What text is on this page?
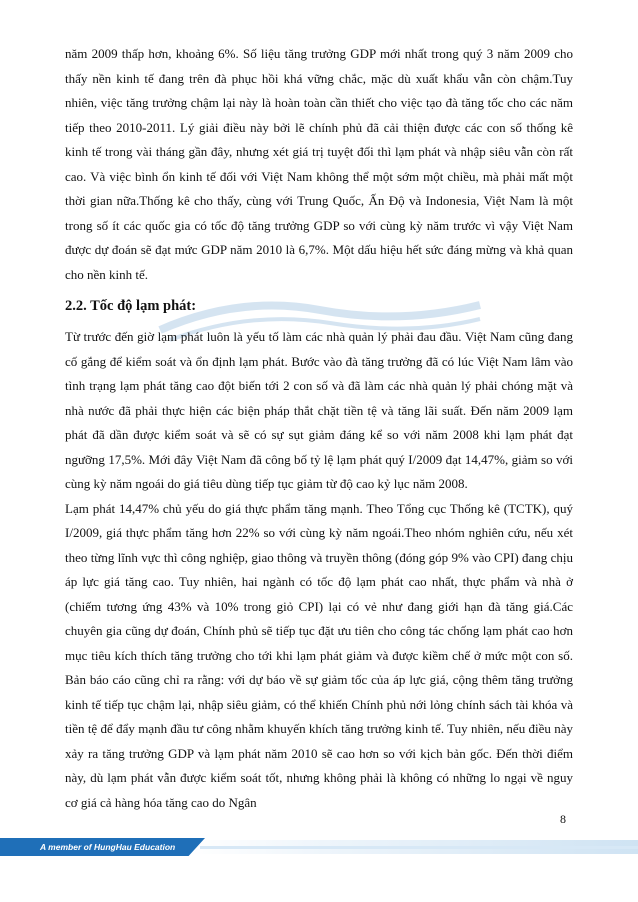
năm 2009 thấp hơn, khoảng 6%. Số liệu tăng trưởng GDP mới nhất trong quý 3 năm 2009 cho thấy nền kinh tế đang trên đà phục hồi khá vững chắc, mặc dù xuất khẩu vẫn còn chậm.Tuy nhiên, việc tăng trưởng chậm lại này là hoàn toàn cần thiết cho việc tạo đà tăng tốc cho các năm tiếp theo 2010-2011. Lý giải điều này bởi lẽ chính phủ đã cải thiện được các con số thống kê kinh tế trong vài tháng gần đây, nhưng xét giá trị tuyệt đối thì lạm phát và nhập siêu vẫn còn rất cao. Và việc bình ổn kinh tế đối với Việt Nam không thể một sớm một chiều, mà phải mất một thời gian nữa.Thống kê cho thấy, cùng với Trung Quốc, Ấn Độ và Indonesia, Việt Nam là một trong số ít các quốc gia có tốc độ tăng trưởng GDP so với cùng kỳ năm trước vì vậy Việt Nam được dự đoán sẽ đạt mức GDP năm 2010 là 6,7%. Một dấu hiệu hết sức đáng mừng và khả quan cho nền kinh tế.

2.2. Tốc độ lạm phát:

Từ trước đến giờ lạm phát luôn là yếu tố làm các nhà quản lý phải đau đầu. Việt Nam cũng đang cố gắng để kiểm soát và ổn định lạm phát. Bước vào đà tăng trưởng đã có lúc Việt Nam lâm vào tình trạng lạm phát tăng cao đột biến tới 2 con số và đã làm các nhà quản lý phải chóng mặt và nhà nước đã phải thực hiện các biện pháp thắt chặt tiền tệ và tăng lãi suất. Đến năm 2009 lạm phát đã dần được kiểm soát và sẽ có sự sụt giảm đáng kể so với năm 2008 khi lạm phát đạt ngưỡng 17,5%. Mới đây Việt Nam đã công bố tỷ lệ lạm phát quý I/2009 đạt 14,47%, giảm so với cùng kỳ năm ngoái do giá tiêu dùng tiếp tục giảm từ độ cao kỷ lục năm 2008.

Lạm phát 14,47% chủ yếu do giá thực phẩm tăng mạnh. Theo Tổng cục Thống kê (TCTK), quý I/2009, giá thực phẩm tăng hơn 22% so với cùng kỳ năm ngoái.Theo nhóm nghiên cứu, nếu xét theo từng lĩnh vực thì công nghiệp, giao thông và truyền thông (đóng góp 9% vào CPI) đang chịu áp lực giá tăng cao. Tuy nhiên, hai ngành có tốc độ lạm phát cao nhất, thực phẩm và nhà ở (chiếm tương ứng 43% và 10% trong giỏ CPI) lại có vẻ như đang giới hạn đà tăng giá.Các chuyên gia cũng dự đoán, Chính phủ sẽ tiếp tục đặt ưu tiên cho công tác chống lạm phát cao hơn mục tiêu kích thích tăng trưởng cho tới khi lạm phát giảm và được kiềm chế ở mức một con số. Bản báo cáo cũng chỉ ra rằng: với dự báo về sự giảm tốc của áp lực giá, cộng thêm tăng trưởng kinh tế tiếp tục chậm lại, nhập siêu giảm, có thể khiến Chính phủ nới lỏng chính sách tài khóa và tiền tệ để đẩy mạnh đầu tư công nhằm khuyến khích tăng trưởng kinh tế. Tuy nhiên, nếu điều này xảy ra tăng trưởng GDP và lạm phát năm 2010 sẽ cao hơn so với kịch bản gốc. Đến thời điểm này, dù lạm phát vẫn được kiểm soát tốt, nhưng không phải là không có những lo ngại về nguy cơ giá cả hàng hóa tăng cao do Ngân

8
A member of HungHau Education
